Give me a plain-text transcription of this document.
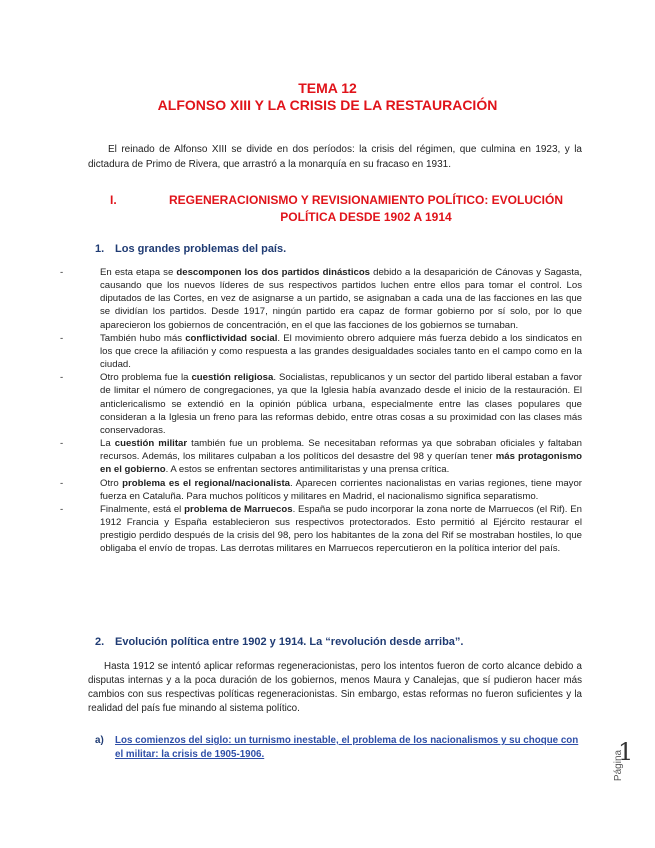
TEMA 12
ALFONSO XIII Y LA CRISIS DE LA RESTAURACIÓN
El reinado de Alfonso XIII se divide en dos períodos: la crisis del régimen, que culmina en 1923, y la dictadura de Primo de Rivera, que arrastró a la monarquía en su fracaso en 1931.
I.	REGENERACIONISMO Y REVISIONAMIENTO POLÍTICO: EVOLUCIÓN POLÍTICA DESDE 1902 A 1914
1. Los grandes problemas del país.
-	En esta etapa se descomponen los dos partidos dinásticos debido a la desaparición de Cánovas y Sagasta, causando que los nuevos líderes de sus respectivos partidos luchen entre ellos para tomar el control. Los diputados de las Cortes, en vez de asignarse a un partido, se asignaban a cada una de las facciones en las que se dividían los partidos. Desde 1917, ningún partido era capaz de formar gobierno por sí solo, por lo que aparecieron los gobiernos de concentración, en el que las facciones de los gobiernos se turnaban.
-	También hubo más conflictividad social. El movimiento obrero adquiere más fuerza debido a los sindicatos en los que crece la afiliación y como respuesta a las grandes desigualdades sociales tanto en el campo como en la ciudad.
-	Otro problema fue la cuestión religiosa. Socialistas, republicanos y un sector del partido liberal estaban a favor de limitar el número de congregaciones, ya que la Iglesia había avanzado desde el inicio de la restauración. El anticlericalismo se extendió en la opinión pública urbana, especialmente entre las clases populares que consideran a la Iglesia un freno para las reformas debido, entre otras cosas a su proximidad con las clases más conservadoras.
-	La cuestión militar también fue un problema. Se necesitaban reformas ya que sobraban oficiales y faltaban recursos. Además, los militares culpaban a los políticos del desastre del 98 y querían tener más protagonismo en el gobierno. A estos se enfrentan sectores antimilitaristas y una prensa crítica.
-	Otro problema es el regional/nacionalista. Aparecen corrientes nacionalistas en varias regiones, tiene mayor fuerza en Cataluña. Para muchos políticos y militares en Madrid, el nacionalismo significa separatismo.
-	Finalmente, está el problema de Marruecos. España se pudo incorporar la zona norte de Marruecos (el Rif). En 1912 Francia y España establecieron sus respectivos protectorados. Esto permitió al Ejército restaurar el prestigio perdido después de la crisis del 98, pero los habitantes de la zona del Rif se mostraban hostiles, lo que obligaba el envío de tropas. Las derrotas militares en Marruecos repercutieron en la política interior del país.
2. Evolución política entre 1902 y 1914. La “revolución desde arriba”.
Hasta 1912 se intentó aplicar reformas regeneracionistas, pero los intentos fueron de corto alcance debido a disputas internas y a la poca duración de los gobiernos, menos Maura y Canalejas, que sí pudieron hacer más cambios con sus respectivas políticas regeneracionistas. Sin embargo, estas reformas no fueron suficientes y la realidad del país fue minando al sistema político.
a) Los comienzos del siglo: un turnismo inestable, el problema de los nacionalismos y su choque con el militar: la crisis de 1905-1906.	Página
1
